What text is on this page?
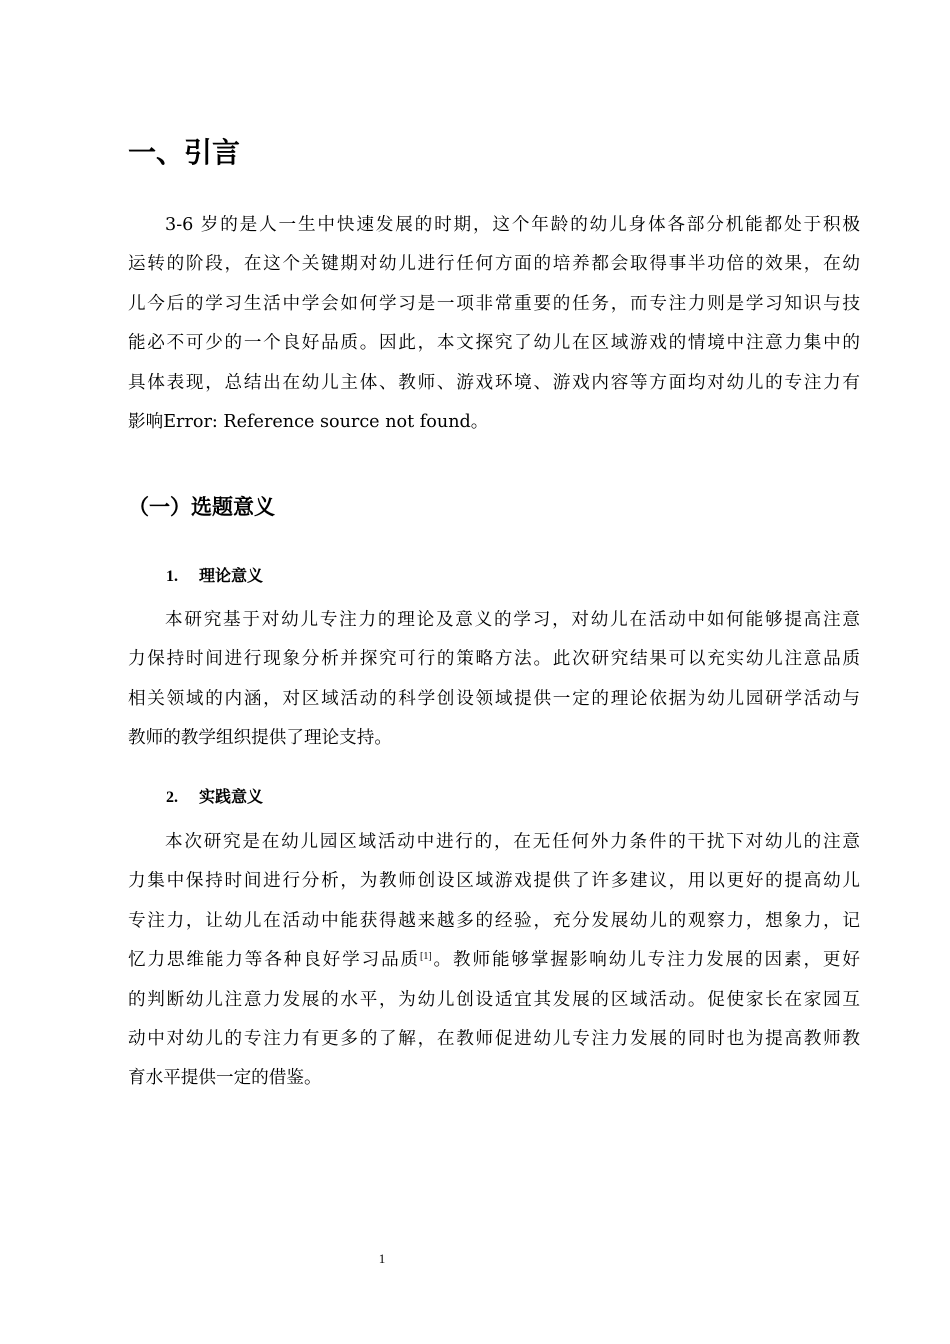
一、引言
3-6 岁的是人一生中快速发展的时期，这个年龄的幼儿身体各部分机能都处于积极
运转的阶段，在这个关键期对幼儿进行任何方面的培养都会取得事半功倍的效果，在幼
儿今后的学习生活中学会如何学习是一项非常重要的任务，而专注力则是学习知识与技
能必不可少的一个良好品质。因此，本文探究了幼儿在区域游戏的情境中注意力集中的
具体表现，总结出在幼儿主体、教师、游戏环境、游戏内容等方面均对幼儿的专注力有
影响Error: Reference source not found。
（一）选题意义
1. 理论意义
本研究基于对幼儿专注力的理论及意义的学习，对幼儿在活动中如何能够提高注意
力保持时间进行现象分析并探究可行的策略方法。此次研究结果可以充实幼儿注意品质
相关领域的内涵，对区域活动的科学创设领域提供一定的理论依据为幼儿园研学活动与
教师的教学组织提供了理论支持。
2. 实践意义
本次研究是在幼儿园区域活动中进行的，在无任何外力条件的干扰下对幼儿的注意
力集中保持时间进行分析，为教师创设区域游戏提供了许多建议，用以更好的提高幼儿
专注力，让幼儿在活动中能获得越来越多的经验，充分发展幼儿的观察力，想象力，记
忆力思维能力等各种良好学习品质[1]。教师能够掌握影响幼儿专注力发展的因素，更好
的判断幼儿注意力发展的水平，为幼儿创设适宜其发展的区域活动。促使家长在家园互
动中对幼儿的专注力有更多的了解，在教师促进幼儿专注力发展的同时也为提高教师教
育水平提供一定的借鉴。
1
